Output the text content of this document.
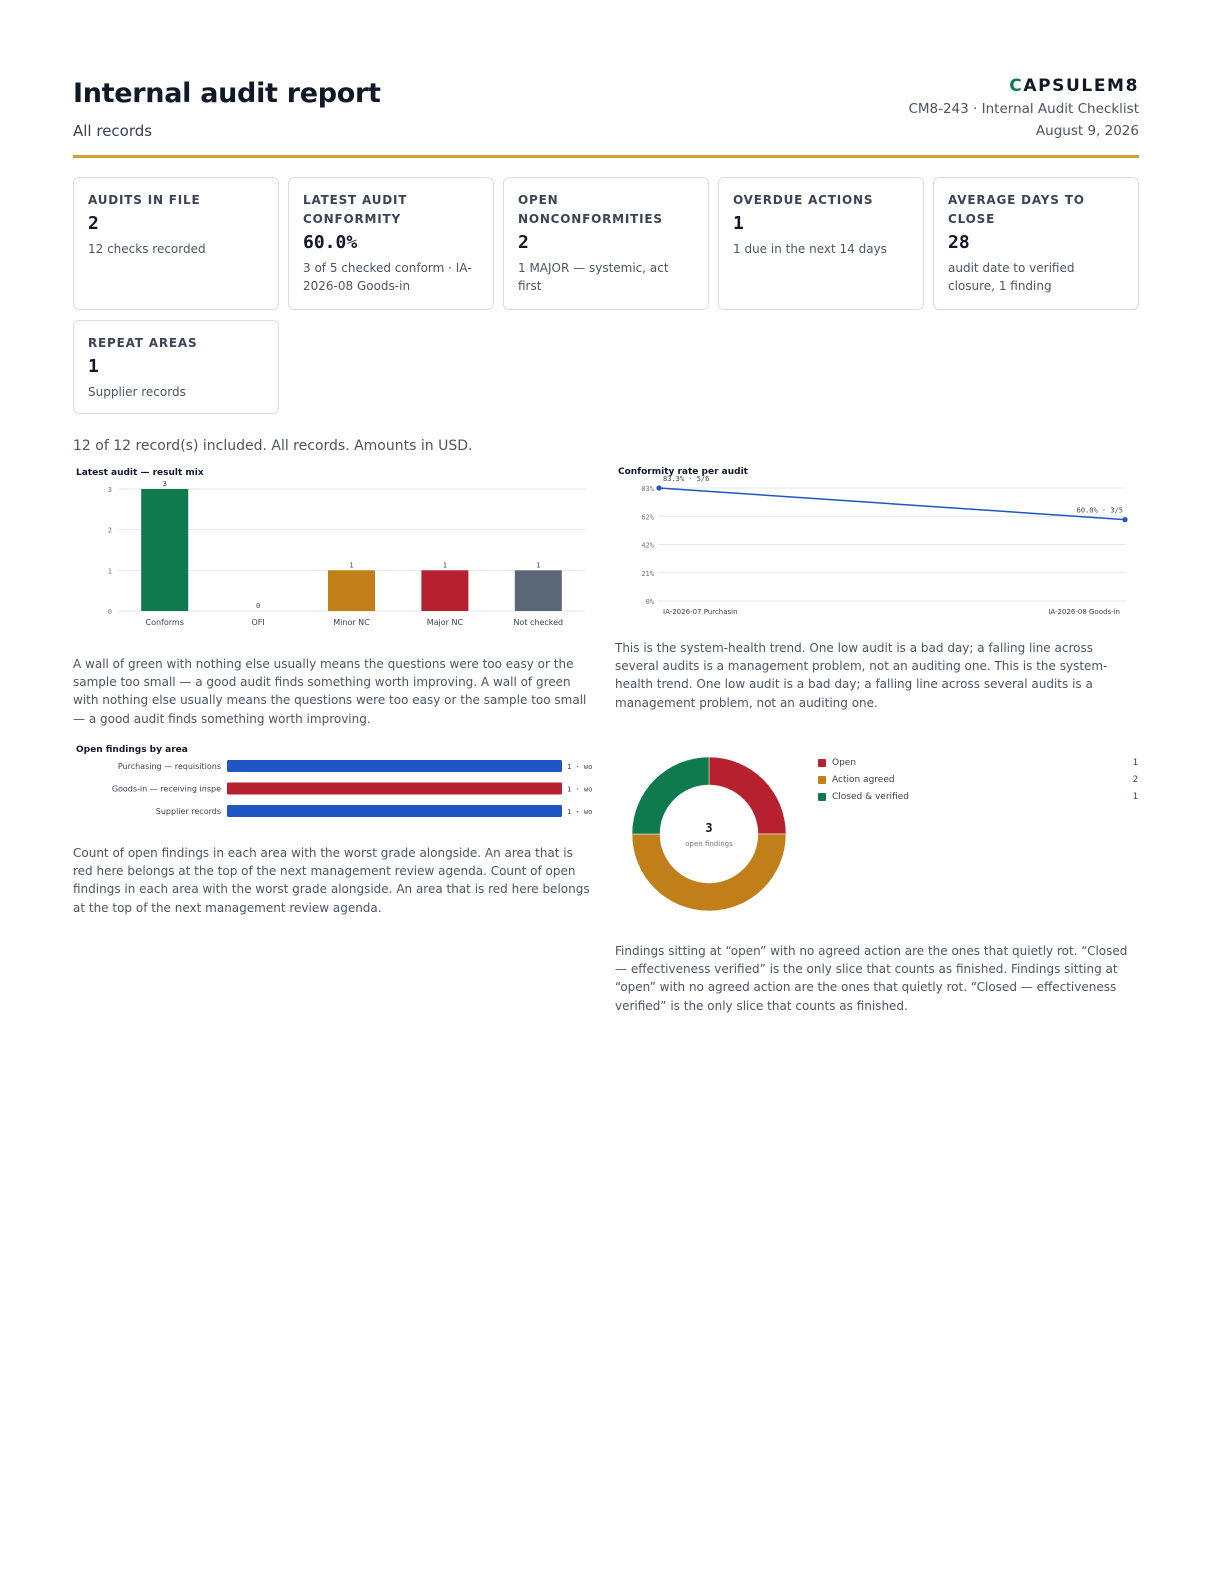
Internal audit report
All records
CAPSULEM8
CM8-243 · Internal Audit Checklist
August 9, 2026
AUDITS IN FILE
2
12 checks recorded
LATEST AUDIT CONFORMITY
60.0%
3 of 5 checked conform · IA-2026-08 Goods-in
OPEN NONCONFORMITIES
2
1 MAJOR — systemic, act first
OVERDUE ACTIONS
1
1 due in the next 14 days
AVERAGE DAYS TO CLOSE
28
audit date to verified closure, 1 finding
REPEAT AREAS
1
Supplier records
12 of 12 record(s) included. All records. Amounts in USD.
Latest audit — result mix
0
1
2
3
3
Conforms
0
OFI
1
Minor NC
1
Major NC
1
Not checked
A wall of green with nothing else usually means the questions were too easy or the sample too small — a good audit finds something worth improving. A wall of green with nothing else usually means the questions were too easy or the sample too small — a good audit finds something worth improving.
Conformity rate per audit
0%
21%
42%
62%
83%
83.3% · 5/6
IA-2026-07 Purchasin
60.0% · 3/5
IA-2026-08 Goods-in
This is the system-health trend. One low audit is a bad day; a falling line across several audits is a management problem, not an auditing one. This is the system-health trend. One low audit is a bad day; a falling line across several audits is a management problem, not an auditing one.
Open findings by area
Purchasing — requisitions	1 · wo
Goods-in — receiving inspe	1 · wo
Supplier records	1 · wo
Count of open findings in each area with the worst grade alongside. An area that is red here belongs at the top of the next management review agenda. Count of open findings in each area with the worst grade alongside. An area that is red here belongs at the top of the next management review agenda.
3
open findings
Open	1
Action agreed	2
Closed & verified	1
Findings sitting at “open” with no agreed action are the ones that quietly rot. “Closed — effectiveness verified” is the only slice that counts as finished. Findings sitting at “open” with no agreed action are the ones that quietly rot. “Closed — effectiveness verified” is the only slice that counts as finished.
